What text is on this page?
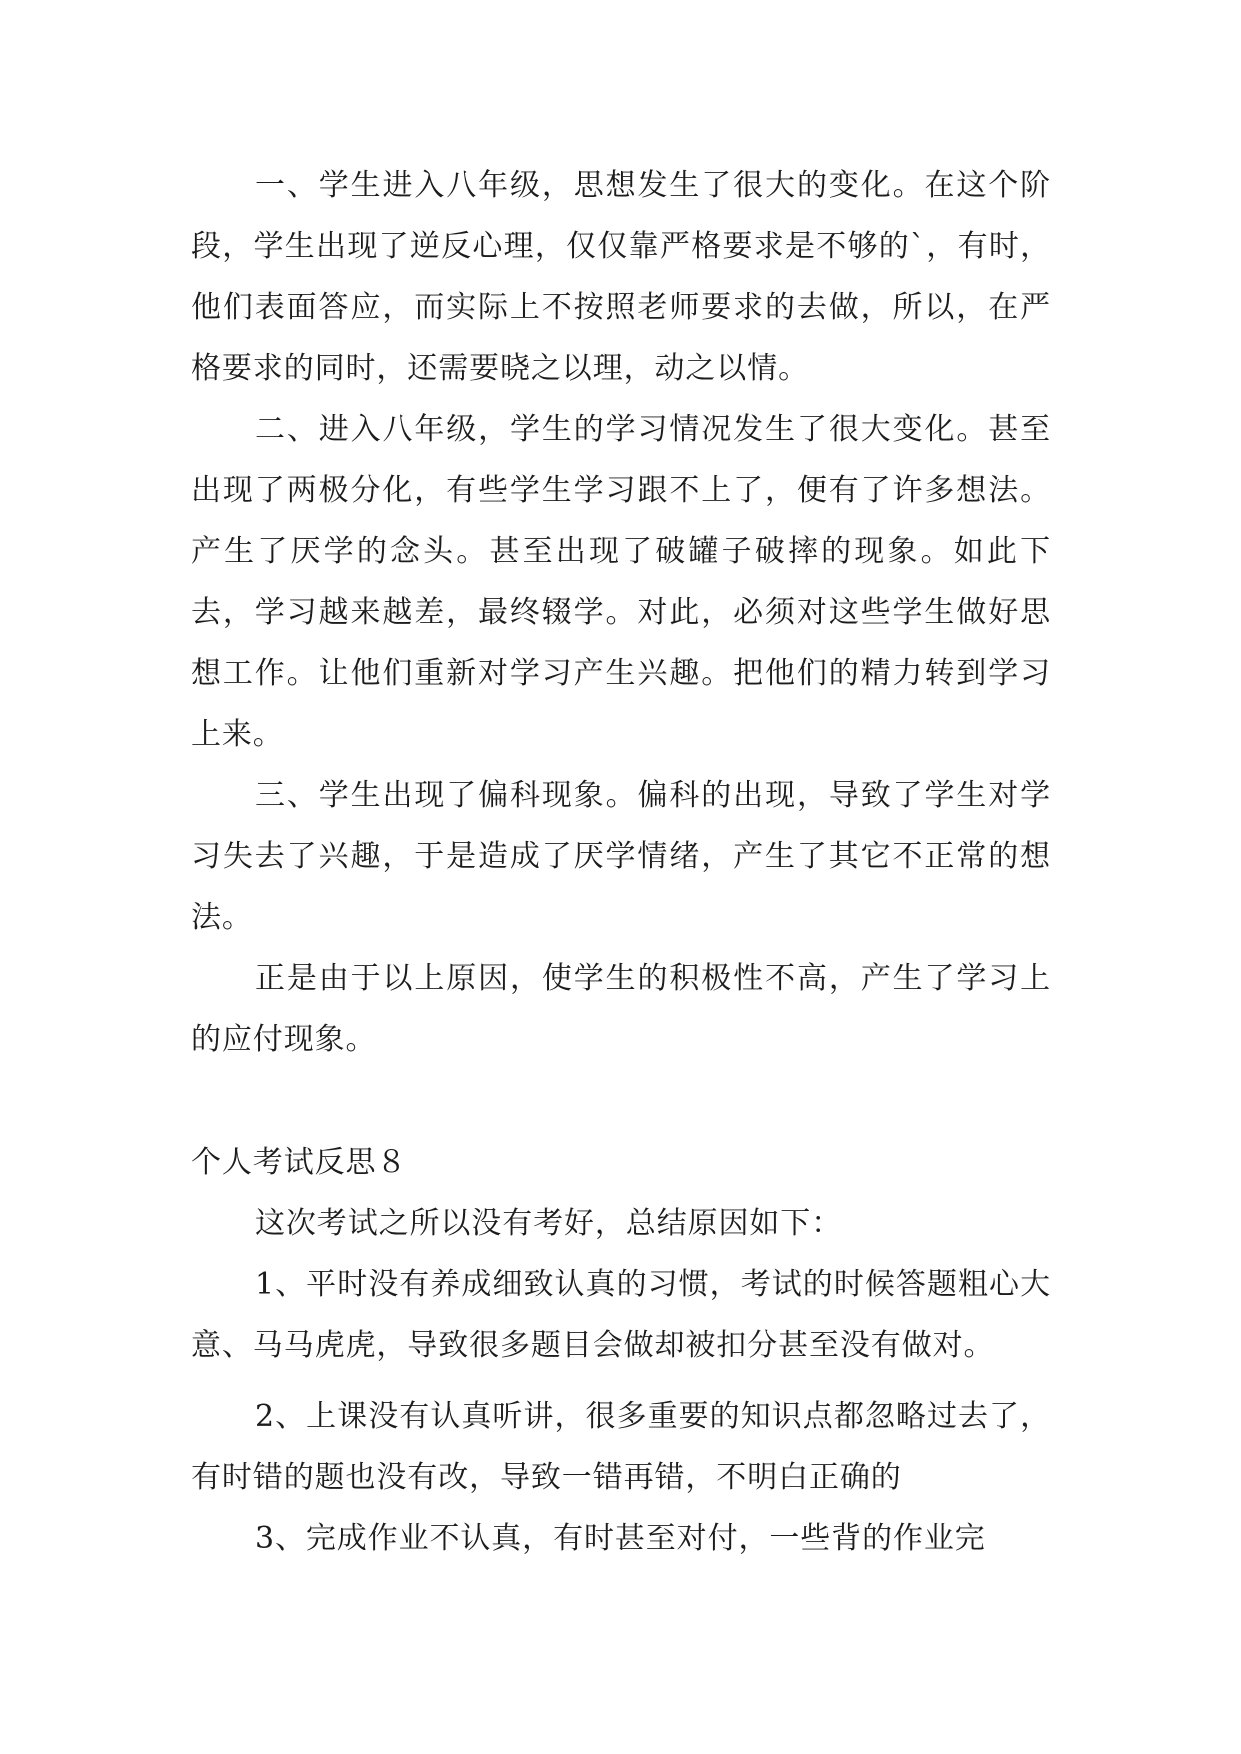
一、学生进入八年级，思想发生了很大的变化。在这个阶段，学生出现了逆反心理，仅仅靠严格要求是不够的`，有时，他们表面答应，而实际上不按照老师要求的去做，所以，在严格要求的同时，还需要晓之以理，动之以情。

二、进入八年级，学生的学习情况发生了很大变化。甚至出现了两极分化，有些学生学习跟不上了，便有了许多想法。产生了厌学的念头。甚至出现了破罐子破摔的现象。如此下去，学习越来越差，最终辍学。对此，必须对这些学生做好思想工作。让他们重新对学习产生兴趣。把他们的精力转到学习上来。

三、学生出现了偏科现象。偏科的出现，导致了学生对学习失去了兴趣，于是造成了厌学情绪，产生了其它不正常的想法。

正是由于以上原因，使学生的积极性不高，产生了学习上的应付现象。

个人考试反思８

这次考试之所以没有考好，总结原因如下：

1、平时没有养成细致认真的习惯，考试的时候答题粗心大意、马马虎虎，导致很多题目会做却被扣分甚至没有做对。

2、上课没有认真听讲，很多重要的知识点都忽略过去了，有时错的题也没有改，导致一错再错，不明白正确的

3、完成作业不认真，有时甚至对付，一些背的作业完
